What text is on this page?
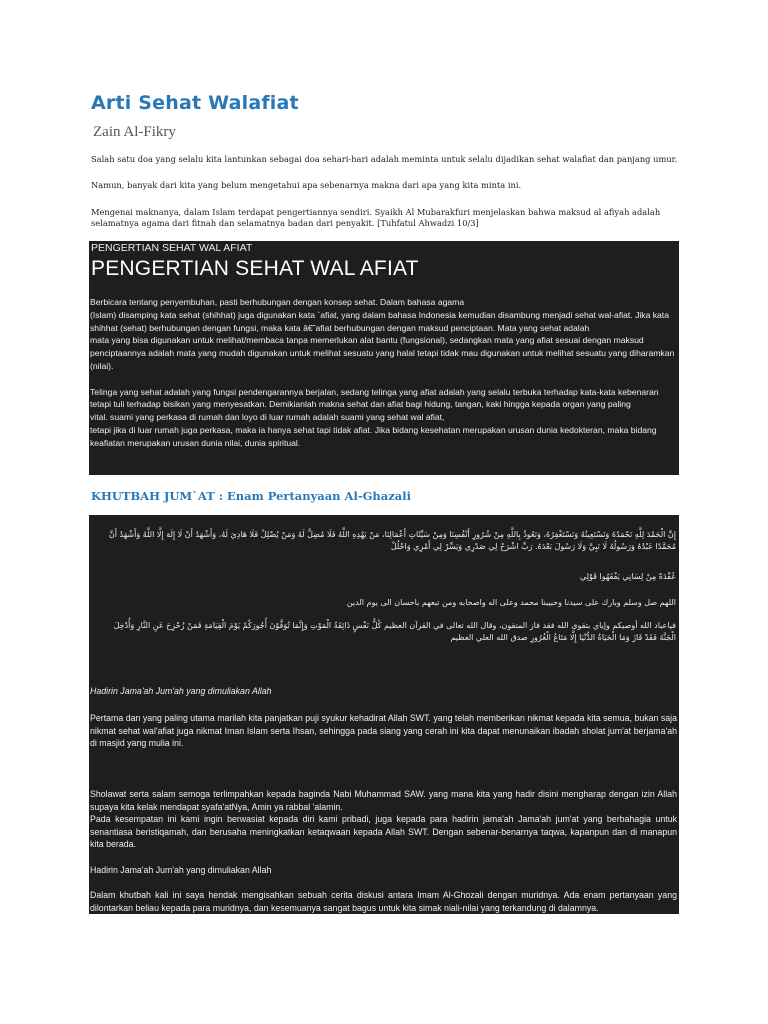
Arti Sehat Walafiat
Zain Al-Fikry
Salah satu doa yang selalu kita lantunkan sebagai doa sehari-hari adalah meminta untuk selalu dijadikan sehat walafiat dan panjang umur.
Namun, banyak dari kita yang belum mengetahui apa sebenarnya makna dari apa yang kita minta ini.
Mengenai maknanya, dalam Islam terdapat pengertiannya sendiri. Syaikh Al Mubarakfuri menjelaskan bahwa maksud al afiyah adalah selamatnya agama dari fitnah dan selamatnya badan dari penyakit. [Tuhfatul Ahwadzi 10/3]
PENGERTIAN SEHAT WAL AFIAT
PENGERTIAN SEHAT WAL AFIAT

Berbicara tentang penyembuhan, pasti berhubungan dengan konsep sehat. Dalam bahasa agama
(Islam) disamping kata sehat (shihhat) juga digunakan kata `afiat, yang dalam bahasa Indonesia kemudian disambung menjadi sehat wal-afiat. Jika kata shihhat (sehat) berhubungan dengan fungsi, maka kata â€˜afiat berhubungan dengan maksud penciptaan. Mata yang sehat adalah
mata yang bisa digunakan untuk melihat/membaca tanpa memerlukan alat bantu (fungsional), sedangkan mata yang afiat sesuai dengan maksud penciptaannya adalah mata yang mudah digunakan untuk melihat sesuatu yang halal tetapi tidak mau digunakan untuk melihat sesuatu yang diharamkan (nilai).

Telinga yang sehat adalah yang fungsi pendengarannya berjalan, sedang telinga yang afiat adalah yang selalu terbuka terhadap kata-kata kebenaran tetapi tuli terhadap bisikan yang menyesatkan. Demikianlah makna sehat dan afiat bagi hidung, tangan, kaki hingga kepada organ yang paling
vital. suami yang perkasa di rumah dan loyo di luar rumah adalah suami yang sehat wal afiat,
tetapi jika di luar rumah juga perkasa, maka ia hanya sehat tapi tidak afiat. Jika bidang kesehatan merupakan urusan dunia kedokteran, maka bidang keafiatan merupakan urusan dunia nilai, dunia spiritual.

KHUTBAH JUM`AT : Enam Pertanyaan Al-Ghazali
إِنَّ الْحَمْدَ لِلَّهِ نَحْمَدُهُ وَنَسْتَعِينُهُ وَنَسْتَغْفِرُهُ، وَنَعُوذُ بِاللَّهِ مِنْ شُرُورِ أَنْفُسِنَا وَمِنْ سَيِّئَاتِ أَعْمَالِنَا، مَنْ يَهْدِهِ اللَّهُ فَلَا مُضِلَّ لَهُ وَمَنْ يُضْلِلْ فَلَا هَادِيَ لَهُ، وَأَشْهَدُ أَنْ لَا إِلَهَ إِلَّا اللَّهُ وَأَشْهَدُ أَنَّ مُحَمَّدًا عَبْدُهُ وَرَسُولُهُ لَا نَبِيَّ وَلَا رَسُولَ بَعْدَهُ. رَبِّ اشْرَحْ لِي صَدْرِي وَيَسِّرْ لِي أَمْرِي وَاحْلُلْ
عُقْدَةً مِنْ لِسَانِي يَفْقَهُوا قَوْلِي
اللهم صل وسلم وبارك على سيدنا وحبيبنا محمد وعلى اله واصحابه ومن تبعهم باحسان الى يوم الدين
فياعباد الله أوصيكم وإياي بتقوى الله فقد فاز المتقون، وقال الله تعالى في القرآن العظيم كُلُّ نَفْسٍ ذَائِقَةُ الْمَوْتِ وَإِنَّمَا تُوَفَّوْنَ أُجُورَكُمْ يَوْمَ الْقِيَامَةِ فَمَنْ زُحْزِحَ عَنِ النَّارِ وَأُدْخِلَ الْجَنَّةَ فَقَدْ فَازَ وَمَا الْحَيَاةُ الدُّنْيَا إِلَّا مَتَاعُ الْغُرُورِ صدق الله العلي العظيم
Hadirin Jama'ah Jum'ah yang dimuliakan Allah
Pertama dan yang paling utama marilah kita panjatkan puji syukur kehadirat Allah SWT. yang telah memberikan nikmat kepada kita semua, bukan saja nikmat sehat wal'afiat juga nikmat Iman Islam serta Ihsan, sehingga pada siang yang cerah ini kita dapat menunaikan ibadah sholat jum'at berjama'ah di masjid yang mulia ini.
Sholawat serta salam semoga terlimpahkan kepada baginda Nabi Muhammad SAW. yang mana kita yang hadir disini mengharap dengan izin Allah supaya kita kelak mendapat syafa'atNya, Amin ya rabbal 'alamin.
Pada kesempatan ini kami ingin berwasiat kepada diri kami pribadi, juga kepada para hadirin jama'ah Jama'ah jum'at yang berbahagia untuk senantiasa beristiqamah, dan berusaha meningkatkan ketaqwaan kepada Allah SWT. Dengan sebenar-benarnya taqwa, kapanpun dan di manapun kita berada.
Hadirin Jama'ah Jum'ah yang dimuliakan Allah
Dalam khutbah kali ini saya hendak mengisahkan sebuah cerita diskusi antara Imam Al-Ghozali dengan muridnya. Ada enam pertanyaan yang dilontarkan beliau kepada para muridnya, dan kesemuanya sangat bagus untuk kita simak niali-nilai yang terkandung di dalamnya.
